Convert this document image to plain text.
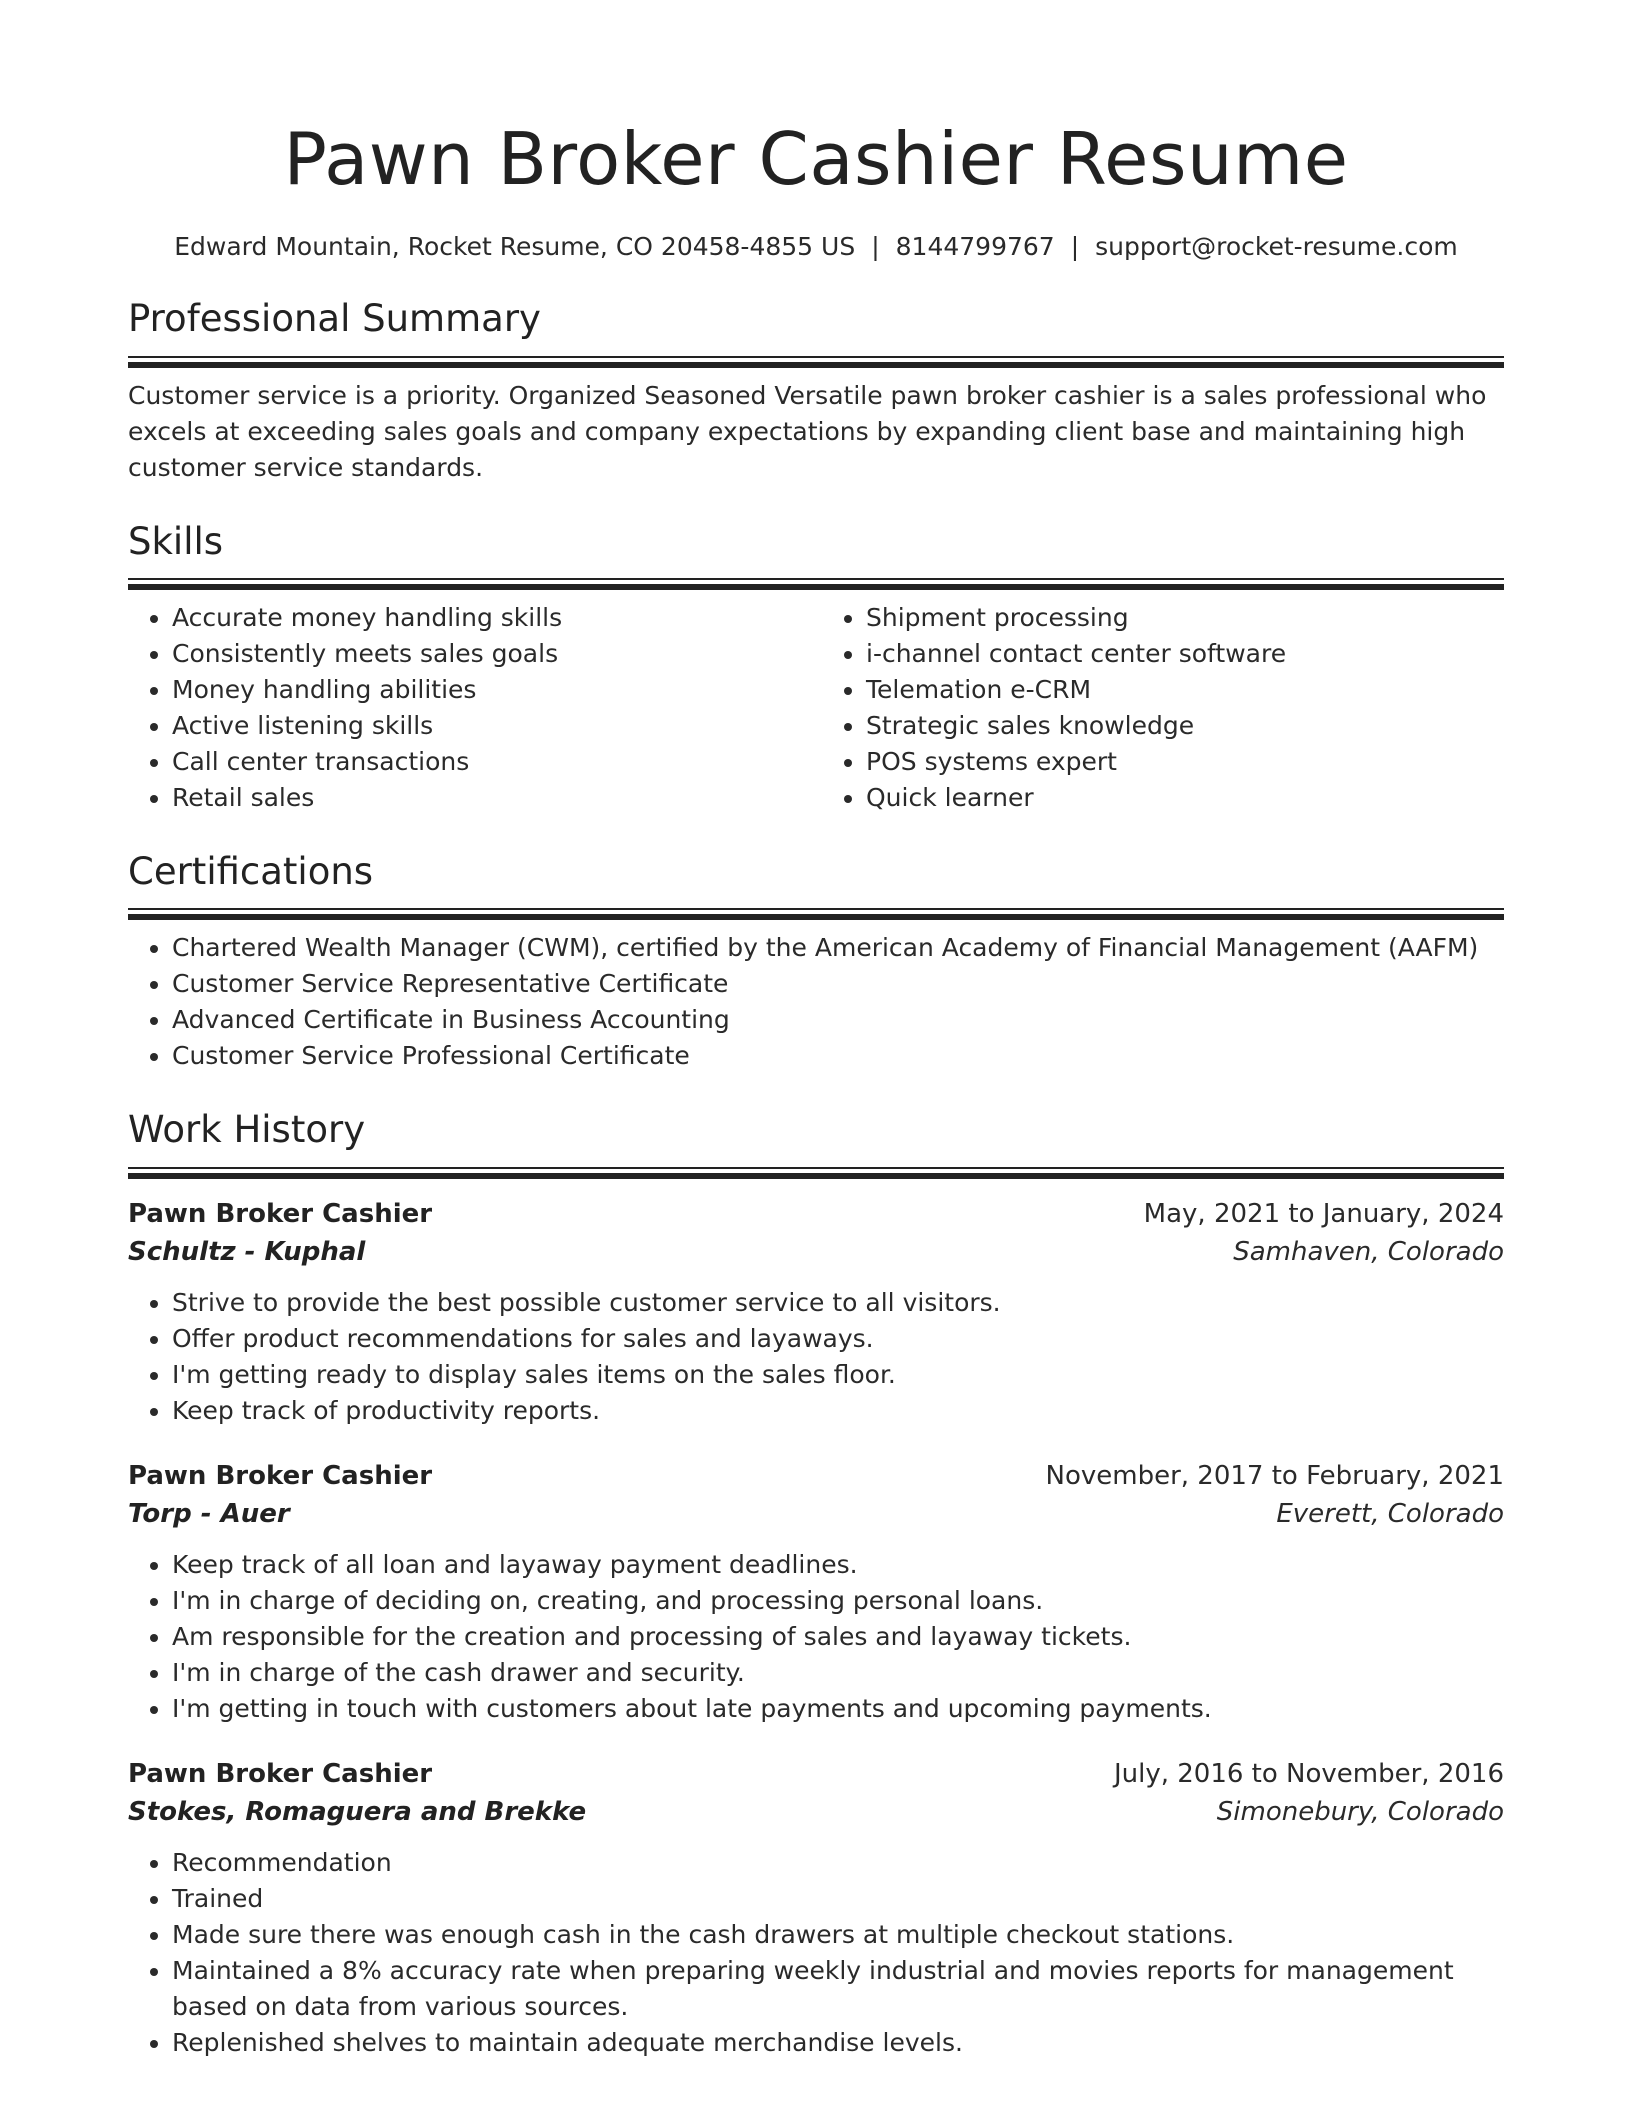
Pawn Broker Cashier Resume
Edward Mountain, Rocket Resume, CO 20458-4855 US | 8144799767 | support@rocket-resume.com
Professional Summary
Customer service is a priority. Organized Seasoned Versatile pawn broker cashier is a sales professional who excels at exceeding sales goals and company expectations by expanding client base and maintaining high customer service standards.
Skills
• Accurate money handling skills
• Consistently meets sales goals
• Money handling abilities
• Active listening skills
• Call center transactions
• Retail sales
• Shipment processing
• i-channel contact center software
• Telemation e-CRM
• Strategic sales knowledge
• POS systems expert
• Quick learner
Certifications
• Chartered Wealth Manager (CWM), certified by the American Academy of Financial Management (AAFM)
• Customer Service Representative Certificate
• Advanced Certificate in Business Accounting
• Customer Service Professional Certificate
Work History
Pawn Broker Cashier	May, 2021 to January, 2024
Schultz - Kuphal	Samhaven, Colorado
• Strive to provide the best possible customer service to all visitors.
• Offer product recommendations for sales and layaways.
• I'm getting ready to display sales items on the sales floor.
• Keep track of productivity reports.
Pawn Broker Cashier	November, 2017 to February, 2021
Torp - Auer	Everett, Colorado
• Keep track of all loan and layaway payment deadlines.
• I'm in charge of deciding on, creating, and processing personal loans.
• Am responsible for the creation and processing of sales and layaway tickets.
• I'm in charge of the cash drawer and security.
• I'm getting in touch with customers about late payments and upcoming payments.
Pawn Broker Cashier	July, 2016 to November, 2016
Stokes, Romaguera and Brekke	Simonebury, Colorado
• Recommendation
• Trained
• Made sure there was enough cash in the cash drawers at multiple checkout stations.
• Maintained a 8% accuracy rate when preparing weekly industrial and movies reports for management based on data from various sources.
• Replenished shelves to maintain adequate merchandise levels.
